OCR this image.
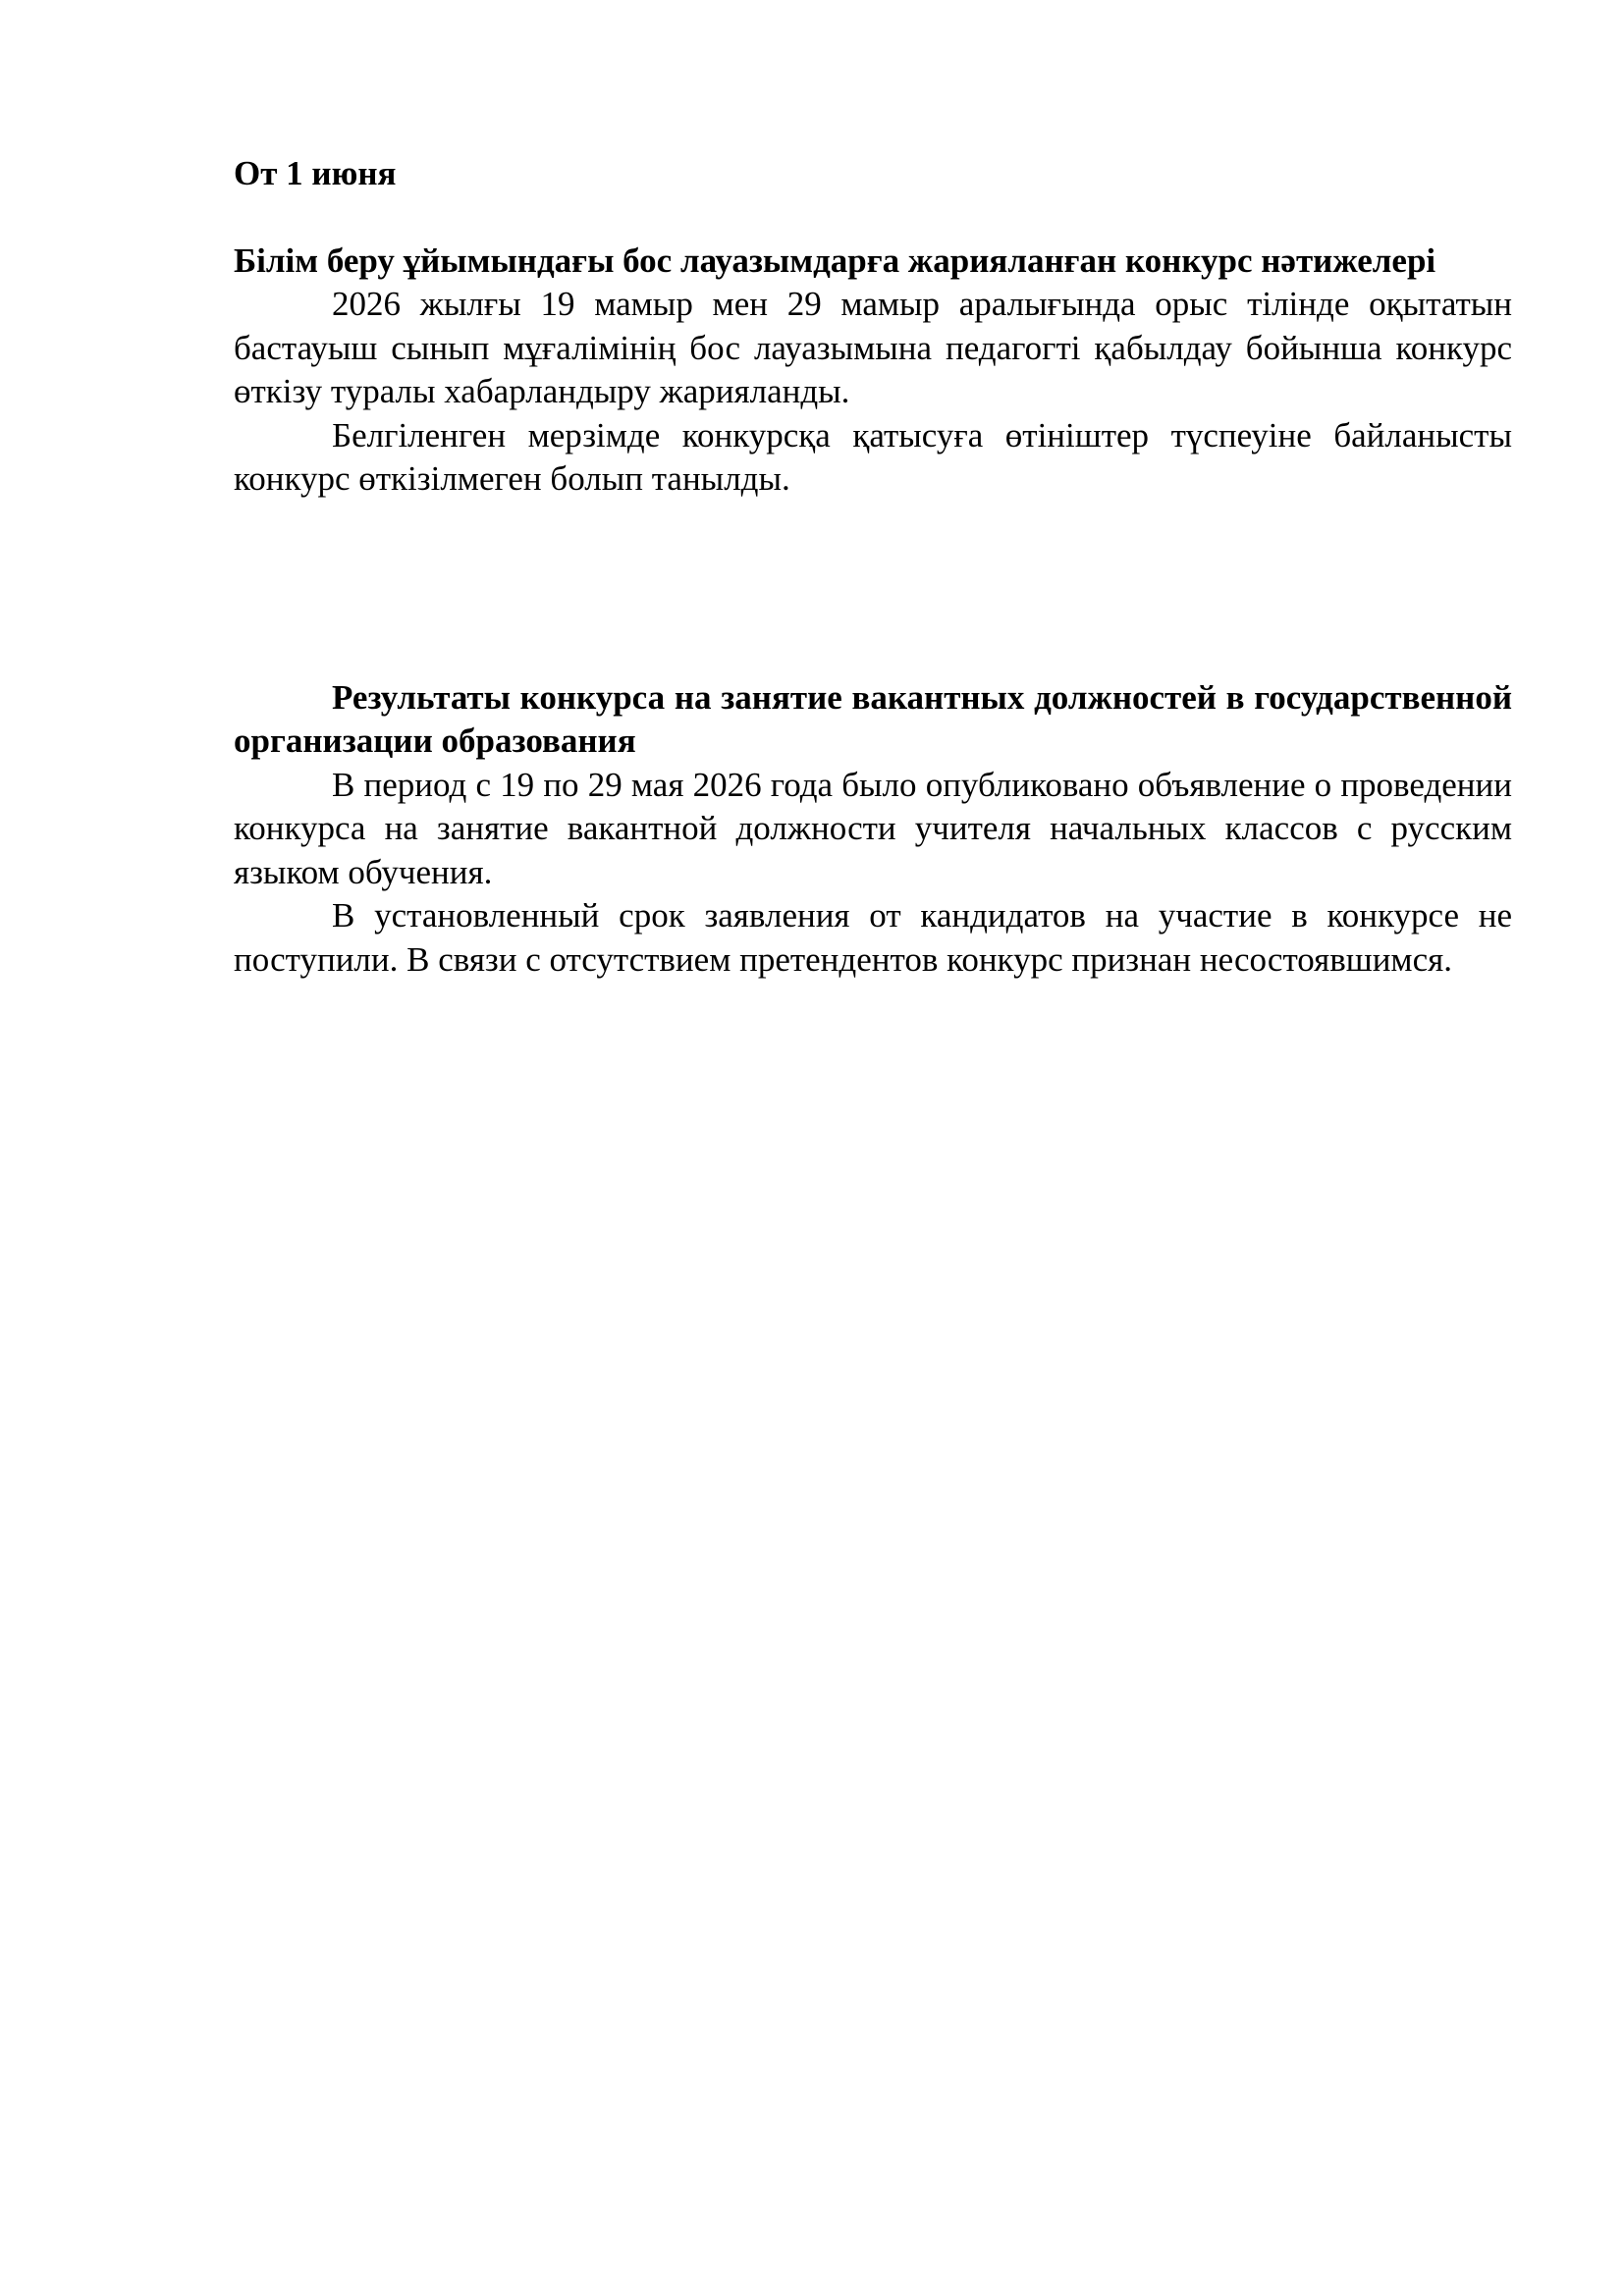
От 1 июня

Білім беру ұйымындағы бос лауазымдарға жарияланған конкурс нәтижелері

2026 жылғы 19 мамыр мен 29 мамыр аралығында орыс тілінде оқытатын бастауыш сынып мұғалімінің бос лауазымына педагогті қабылдау бойынша конкурс өткізу туралы хабарландыру жарияланды.

Белгіленген мерзімде конкурсқа қатысуға өтініштер түспеуіне байланысты конкурс өткізілмеген болып танылды.

Результаты конкурса на занятие вакантных должностей в государственной организации образования

В период с 19 по 29 мая 2026 года было опубликовано объявление о проведении конкурса на занятие вакантной должности учителя начальных классов с русским языком обучения.

В установленный срок заявления от кандидатов на участие в конкурсе не поступили. В связи с отсутствием претендентов конкурс признан несостоявшимся.
